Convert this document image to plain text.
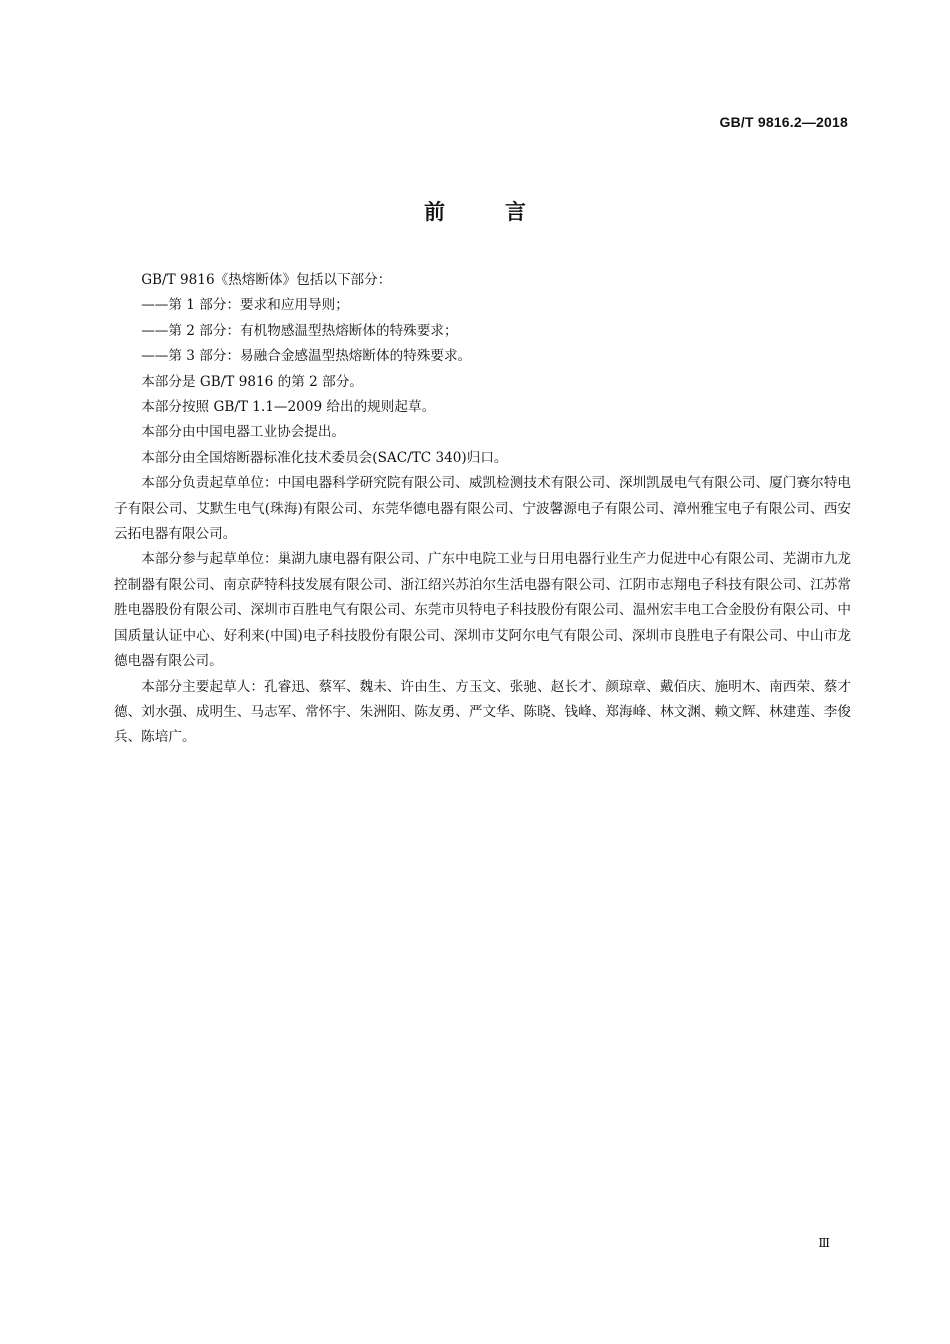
GB/T 9816.2—2018
前言

GB/T 9816《热熔断体》包括以下部分：

——第 1 部分：要求和应用导则；

——第 2 部分：有机物感温型热熔断体的特殊要求；

——第 3 部分：易融合金感温型热熔断体的特殊要求。

本部分是 GB/T 9816 的第 2 部分。

本部分按照 GB/T 1.1—2009 给出的规则起草。

本部分由中国电器工业协会提出。

本部分由全国熔断器标准化技术委员会(SAC/TC 340)归口。

本部分负责起草单位：中国电器科学研究院有限公司、威凯检测技术有限公司、深圳凯晟电气有限公司、厦门赛尔特电子有限公司、艾默生电气(珠海)有限公司、东莞华德电器有限公司、宁波馨源电子有限公司、漳州雅宝电子有限公司、西安云拓电器有限公司。

本部分参与起草单位：巢湖九康电器有限公司、广东中电院工业与日用电器行业生产力促进中心有限公司、芜湖市九龙控制器有限公司、南京萨特科技发展有限公司、浙江绍兴苏泊尔生活电器有限公司、江阴市志翔电子科技有限公司、江苏常胜电器股份有限公司、深圳市百胜电气有限公司、东莞市贝特电子科技股份有限公司、温州宏丰电工合金股份有限公司、中国质量认证中心、好利来(中国)电子科技股份有限公司、深圳市艾阿尔电气有限公司、深圳市良胜电子有限公司、中山市龙德电器有限公司。

本部分主要起草人：孔睿迅、蔡军、魏未、许由生、方玉文、张驰、赵长才、颜琼章、戴佰庆、施明木、南西荣、蔡才德、刘水强、成明生、马志军、常怀宇、朱洲阳、陈友勇、严文华、陈晓、钱峰、郑海峰、林文渊、赖文辉、林建莲、李俊兵、陈培广。

Ⅲ
